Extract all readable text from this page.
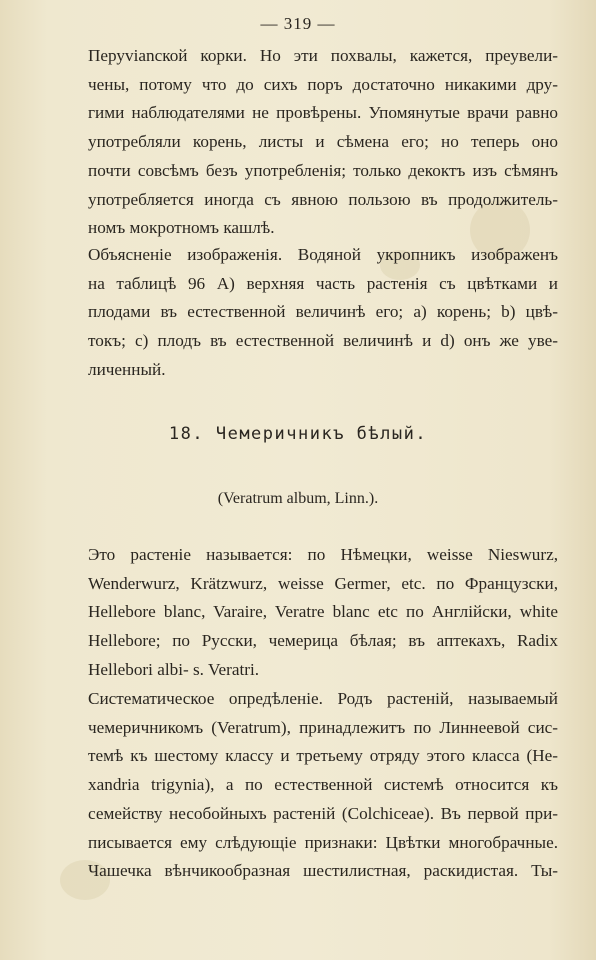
— 319 —
Перуvianской корки. Но эти похвалы, кажется, преувели-
чены, потому что до сихъ поръ достаточно никакими дру-
гими наблюдателями не провѣрены. Упомянутые врачи равно
употребляли корень, листы и сѣмена его; но теперь оно
почти совсѣмъ безъ употребленія; только декоктъ изъ сѣмянъ
употребляется иногда съ явною пользою въ продолжитель-
номъ мокротномъ кашлѣ.
Объясненіе изображенія. Водяной укропникъ изображенъ
на таблицѣ 96 A) верхняя часть растенія съ цвѣтками и
плодами въ естественной величинѣ его; a) корень; b) цвѣ-
токъ; c) плодъ въ естественной величинѣ и d) онъ же уве-
личенный.
18. Чемеричникъ бѣлый.
(Veratrum album, Linn.).
Это растеніе называется: по Нѣмецки, weisse Nieswurz,
Wenderwurz, Krätzwurz, weisse Germer, etc. по Французски,
Hellebore blanc, Varaire, Veratre blanc etc по Англійски, white
Hellebore; по Русски, чемерица бѣлая; въ аптекахъ, Radix
Hellebori albi- s. Veratri.
Систематическое опредѣленіе. Родъ растеній, называемый
чемеричникомъ (Veratrum), принадлежитъ по Линнеевой сис-
темѣ къ шестому классу и третьему отряду этого класса (He-
xandria trigynia), а по естественной системѣ относится къ
семейству несобойныхъ растеній (Colchiceae). Въ первой при-
писывается ему слѣдующіе признаки: Цвѣтки многобрачные.
Чашечка вѣнчикообразная шестилистная, раскидистая. Ты-
